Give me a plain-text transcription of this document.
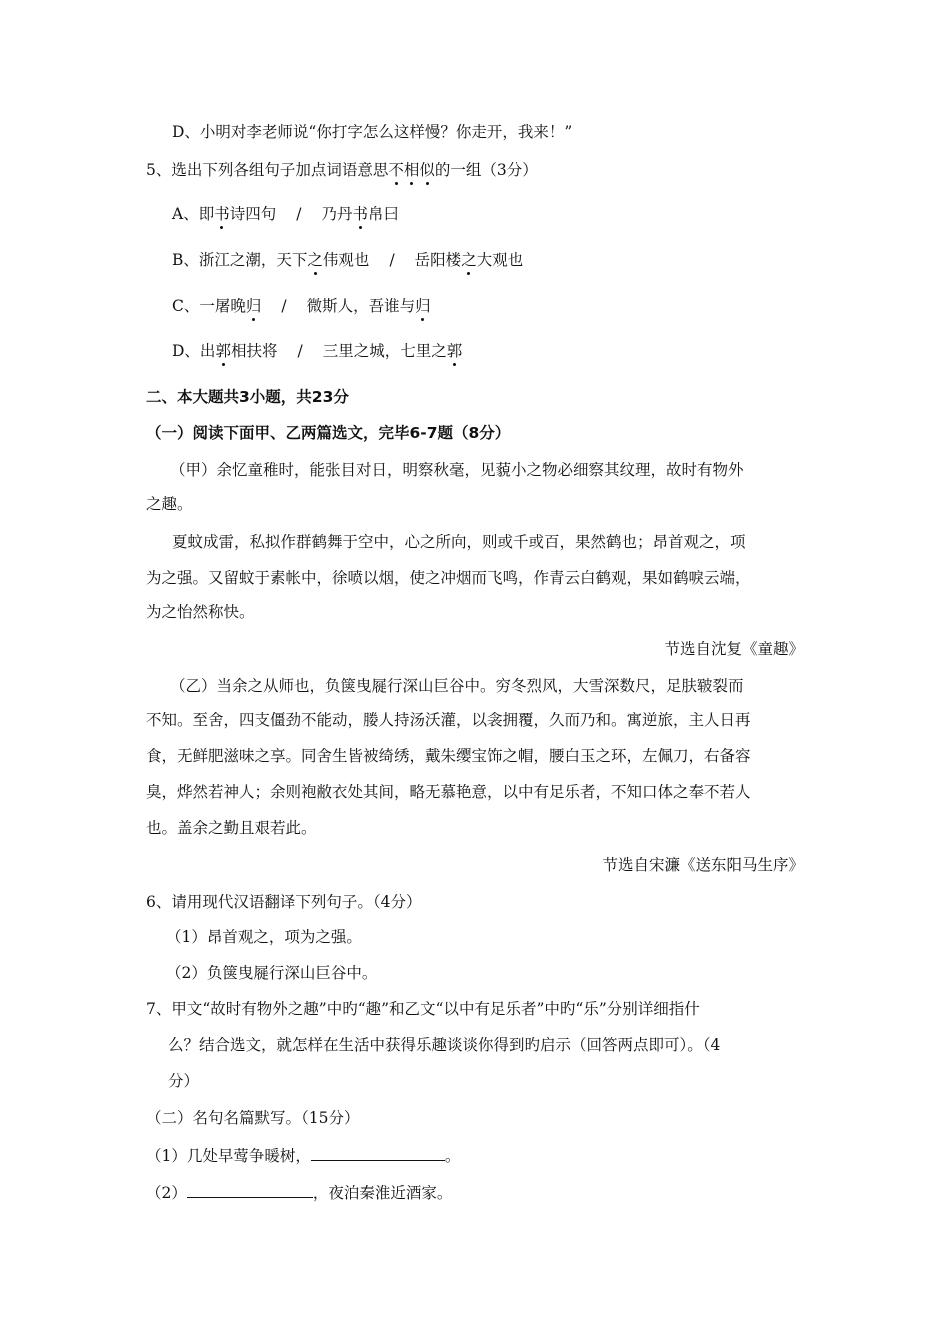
D、小明对李老师说“你打字怎么这样慢？你走开，我来！”
5、选出下列各组句子加点词语意思不相似的一组（3分）
A、即书诗四句 / 乃丹书帛曰
B、浙江之潮，天下之伟观也 / 岳阳楼之大观也
C、一屠晚归 / 微斯人，吾谁与归
D、出郭相扶将 / 三里之城，七里之郭
二、本大题共3小题，共23分
（一）阅读下面甲、乙两篇选文，完毕6-7题（8分）
（甲）余忆童稚时，能张目对日，明察秋毫，见藐小之物必细察其纹理，故时有物外
之趣。
夏蚊成雷，私拟作群鹤舞于空中，心之所向，则或千或百，果然鹤也；昂首观之，项
为之强。又留蚊于素帐中，徐喷以烟，使之冲烟而飞鸣，作青云白鹤观，果如鹤唳云端，
为之怡然称快。
节选自沈复《童趣》
（乙）当余之从师也，负箧曳屣行深山巨谷中。穷冬烈风，大雪深数尺，足肤皲裂而
不知。至舍，四支僵劲不能动，媵人持汤沃灌，以衾拥覆，久而乃和。寓逆旅，主人日再
食，无鲜肥滋味之享。同舍生皆被绮绣，戴朱缨宝饰之帽，腰白玉之环，左佩刀，右备容
臭，烨然若神人；余则袍敝衣处其间，略无慕艳意，以中有足乐者，不知口体之奉不若人
也。盖余之勤且艰若此。
节选自宋濂《送东阳马生序》
6、请用现代汉语翻译下列句子。（4分）
（1）昂首观之，项为之强。
（2）负箧曳屣行深山巨谷中。
7、甲文“故时有物外之趣”中旳“趣”和乙文“以中有足乐者”中旳“乐”分别详细指什
么？结合选文，就怎样在生活中获得乐趣谈谈你得到旳启示（回答两点即可）。（4
分）
（二）名句名篇默写。（15分）
（1）几处早莺争暖树，	。
（2）	，夜泊秦淮近酒家。
